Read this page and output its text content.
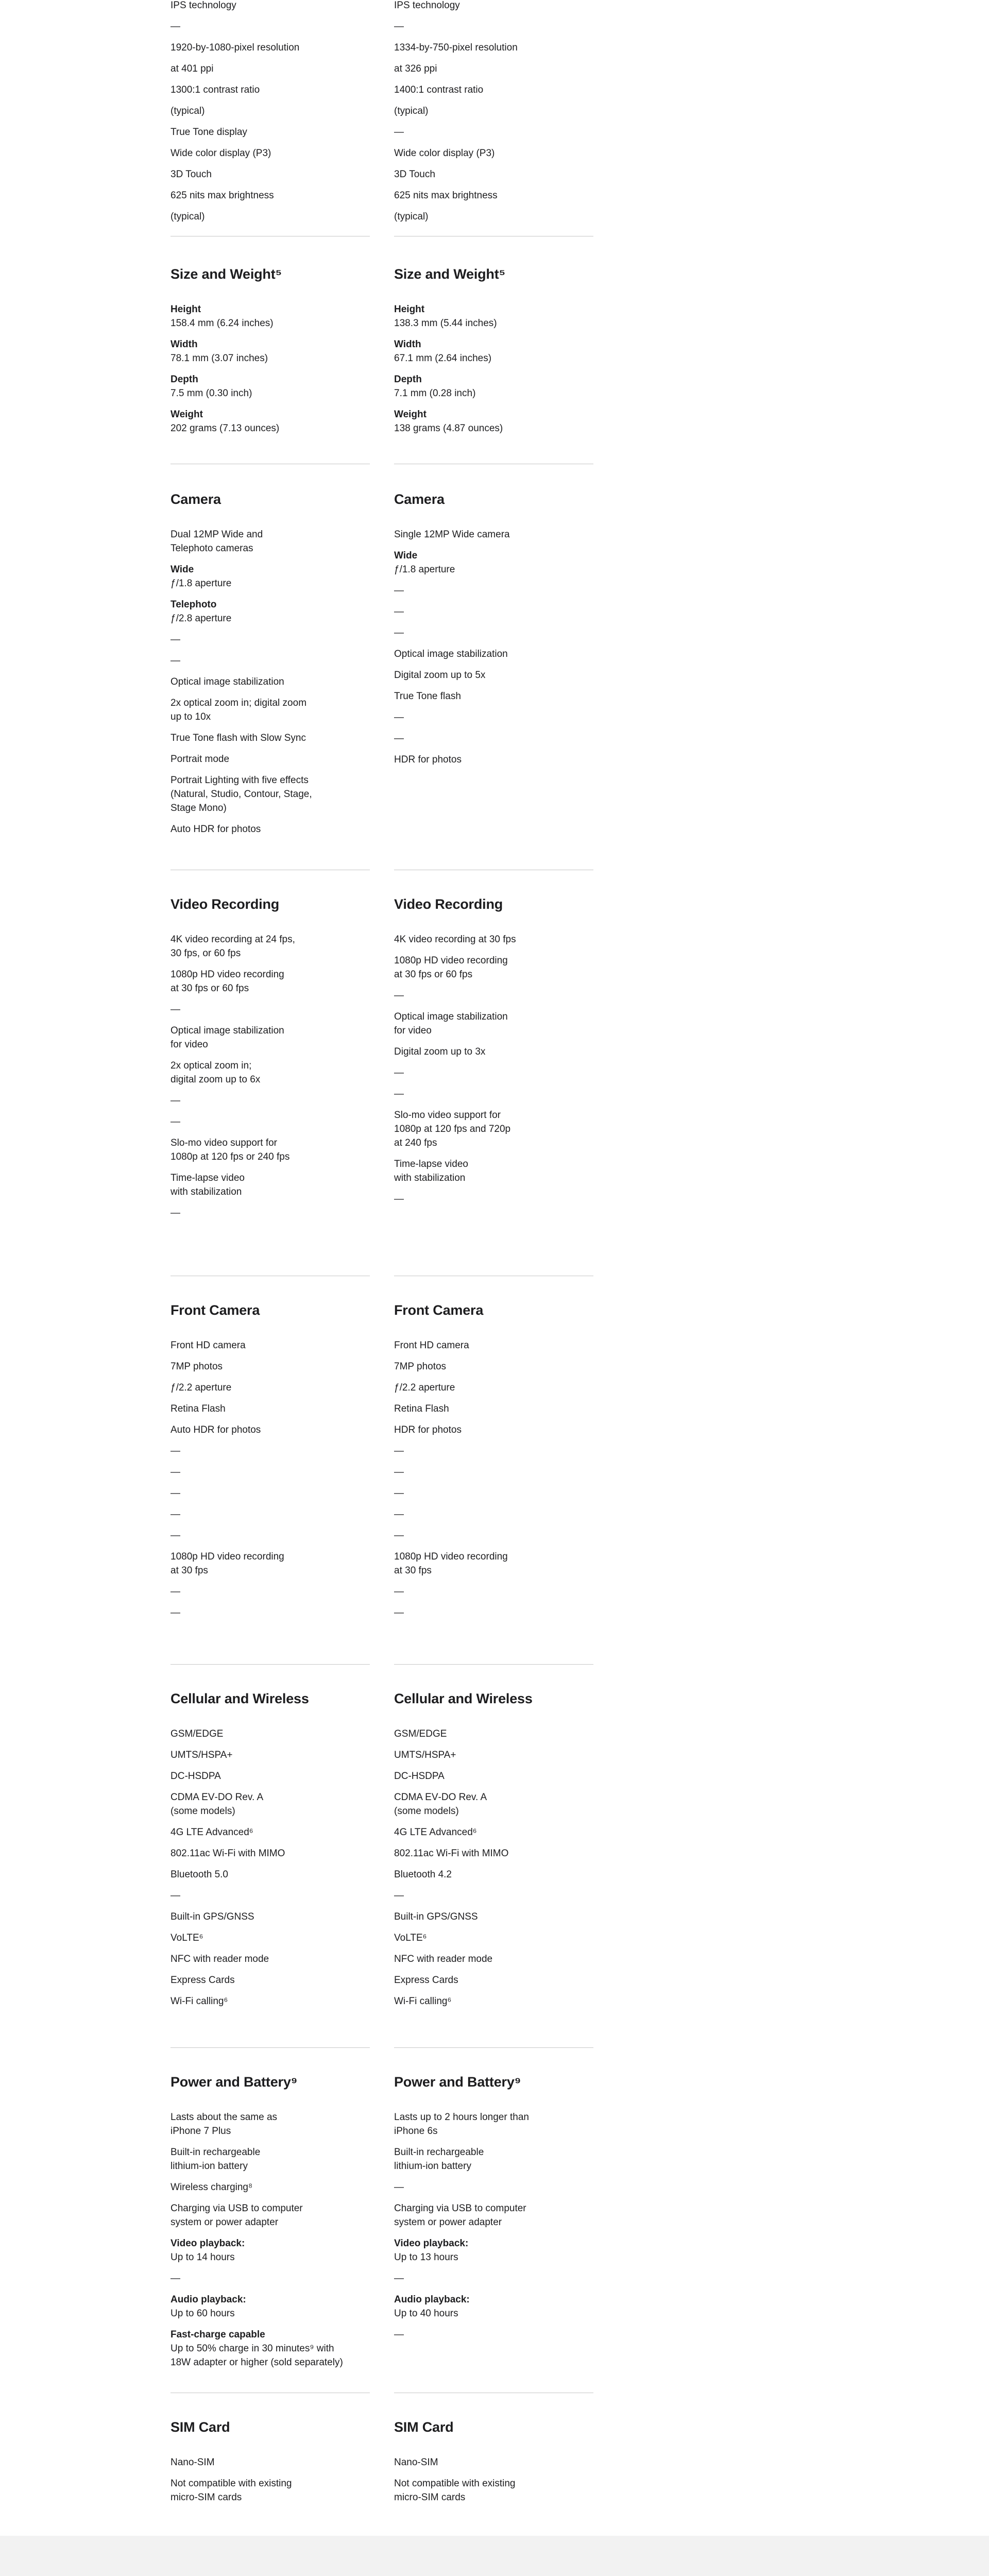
IPS technology

—

1920-by-1080-pixel resolution

at 401 ppi

1300:1 contrast ratio

(typical)

True Tone display

Wide color display (P3)

3D Touch

625 nits max brightness

(typical)

IPS technology

—

1334-by-750-pixel resolution

at 326 ppi

1400:1 contrast ratio

(typical)

—

Wide color display (P3)

3D Touch

625 nits max brightness

(typical)

Size and Weight⁵

Height

158.4 mm (6.24 inches)

Width

78.1 mm (3.07 inches)

Depth

7.5 mm (0.30 inch)

Weight

202 grams (7.13 ounces)

Size and Weight⁵

Height

138.3 mm (5.44 inches)

Width

67.1 mm (2.64 inches)

Depth

7.1 mm (0.28 inch)

Weight

138 grams (4.87 ounces)

Camera

Dual 12MP Wide and
Telephoto cameras

Wide

ƒ/1.8 aperture

Telephoto

ƒ/2.8 aperture

—

—

Optical image stabilization

2x optical zoom in; digital zoom
up to 10x

True Tone flash with Slow Sync

Portrait mode

Portrait Lighting with five effects
(Natural, Studio, Contour, Stage,
Stage Mono)

Auto HDR for photos

Camera

Single 12MP Wide camera

Wide

ƒ/1.8 aperture

—

—

—

Optical image stabilization

Digital zoom up to 5x

True Tone flash

—

—

HDR for photos

Video Recording

4K video recording at 24 fps,
30 fps, or 60 fps

1080p HD video recording
at 30 fps or 60 fps

—

Optical image stabilization
for video

2x optical zoom in;
digital zoom up to 6x

—

—

Slo‑mo video support for
1080p at 120 fps or 240 fps

Time‑lapse video
with stabilization

—

Video Recording

4K video recording at 30 fps

1080p HD video recording
at 30 fps or 60 fps

—

Optical image stabilization
for video

Digital zoom up to 3x

—

—

Slo‑mo video support for
1080p at 120 fps and 720p
at 240 fps

Time‑lapse video
with stabilization

—

Front Camera

Front HD camera

7MP photos

ƒ/2.2 aperture

Retina Flash

Auto HDR for photos

—

—

—

—

—

1080p HD video recording
at 30 fps

—

—

Front Camera

Front HD camera

7MP photos

ƒ/2.2 aperture

Retina Flash

HDR for photos

—

—

—

—

—

1080p HD video recording
at 30 fps

—

—

Cellular and Wireless

GSM/EDGE

UMTS/HSPA+

DC‑HSDPA

CDMA EV‑DO Rev. A
(some models)

4G LTE Advanced⁶

802.11ac Wi‑Fi with MIMO

Bluetooth 5.0

—

Built‑in GPS/GNSS

VoLTE⁶

NFC with reader mode

Express Cards

Wi‑Fi calling⁶

Cellular and Wireless

GSM/EDGE

UMTS/HSPA+

DC‑HSDPA

CDMA EV‑DO Rev. A
(some models)

4G LTE Advanced⁶

802.11ac Wi‑Fi with MIMO

Bluetooth 4.2

—

Built‑in GPS/GNSS

VoLTE⁶

NFC with reader mode

Express Cards

Wi‑Fi calling⁶

Power and Battery⁹

Lasts about the same as
iPhone 7 Plus

Built‑in rechargeable
lithium‑ion battery

Wireless charging⁸

Charging via USB to computer
system or power adapter

Video playback:

Up to 14 hours

—

Audio playback:

Up to 60 hours

Fast‑charge capable

Up to 50% charge in 30 minutes⁹ with
18W adapter or higher (sold separately)

Power and Battery⁹

Lasts up to 2 hours longer than
iPhone 6s

Built‑in rechargeable
lithium‑ion battery

—

Charging via USB to computer
system or power adapter

Video playback:

Up to 13 hours

—

Audio playback:

Up to 40 hours

—

SIM Card

Nano‑SIM

Not compatible with existing
micro‑SIM cards

SIM Card

Nano‑SIM

Not compatible with existing
micro‑SIM cards
